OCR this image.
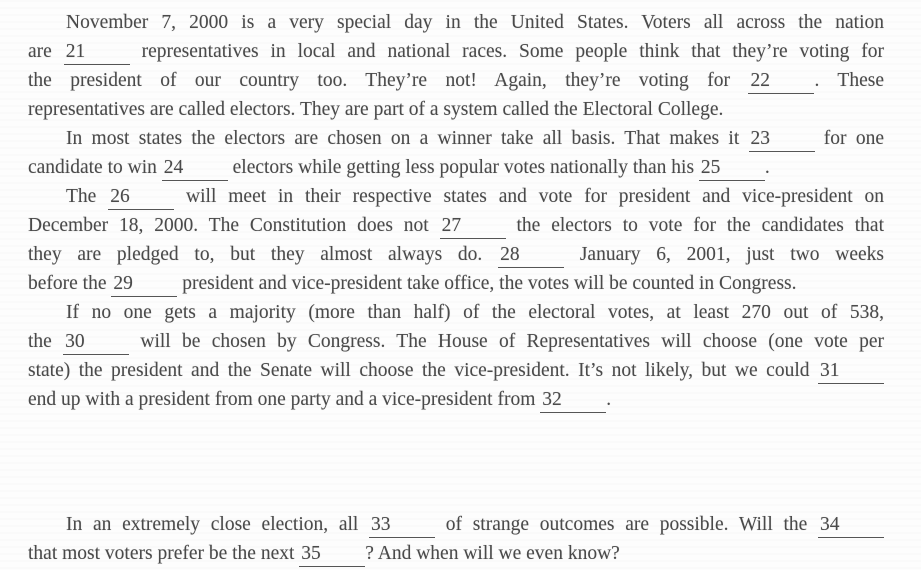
November 7, 2000 is a very special day in the United States. Voters all across the nation
are 21 representatives in local and national races. Some people think that they’re voting for
the president of our country too. They’re not! Again, they’re voting for 22 . These
representatives are called electors. They are part of a system called the Electoral College.
In most states the electors are chosen on a winner take all basis. That makes it 23 for one
candidate to win 24 electors while getting less popular votes nationally than his 25 .
The 26 will meet in their respective states and vote for president and vice-president on
December 18, 2000. The Constitution does not 27 the electors to vote for the candidates that
they are pledged to, but they almost always do. 28 January 6, 2001, just two weeks
before the 29 president and vice-president take office, the votes will be counted in Congress.
If no one gets a majority (more than half) of the electoral votes, at least 270 out of 538,
the 30 will be chosen by Congress. The House of Representatives will choose (one vote per
state) the president and the Senate will choose the vice-president. It’s not likely, but we could 31
end up with a president from one party and a vice-president from 32 .
In an extremely close election, all 33 of strange outcomes are possible. Will the 34
that most voters prefer be the next 35 ? And when will we even know?
